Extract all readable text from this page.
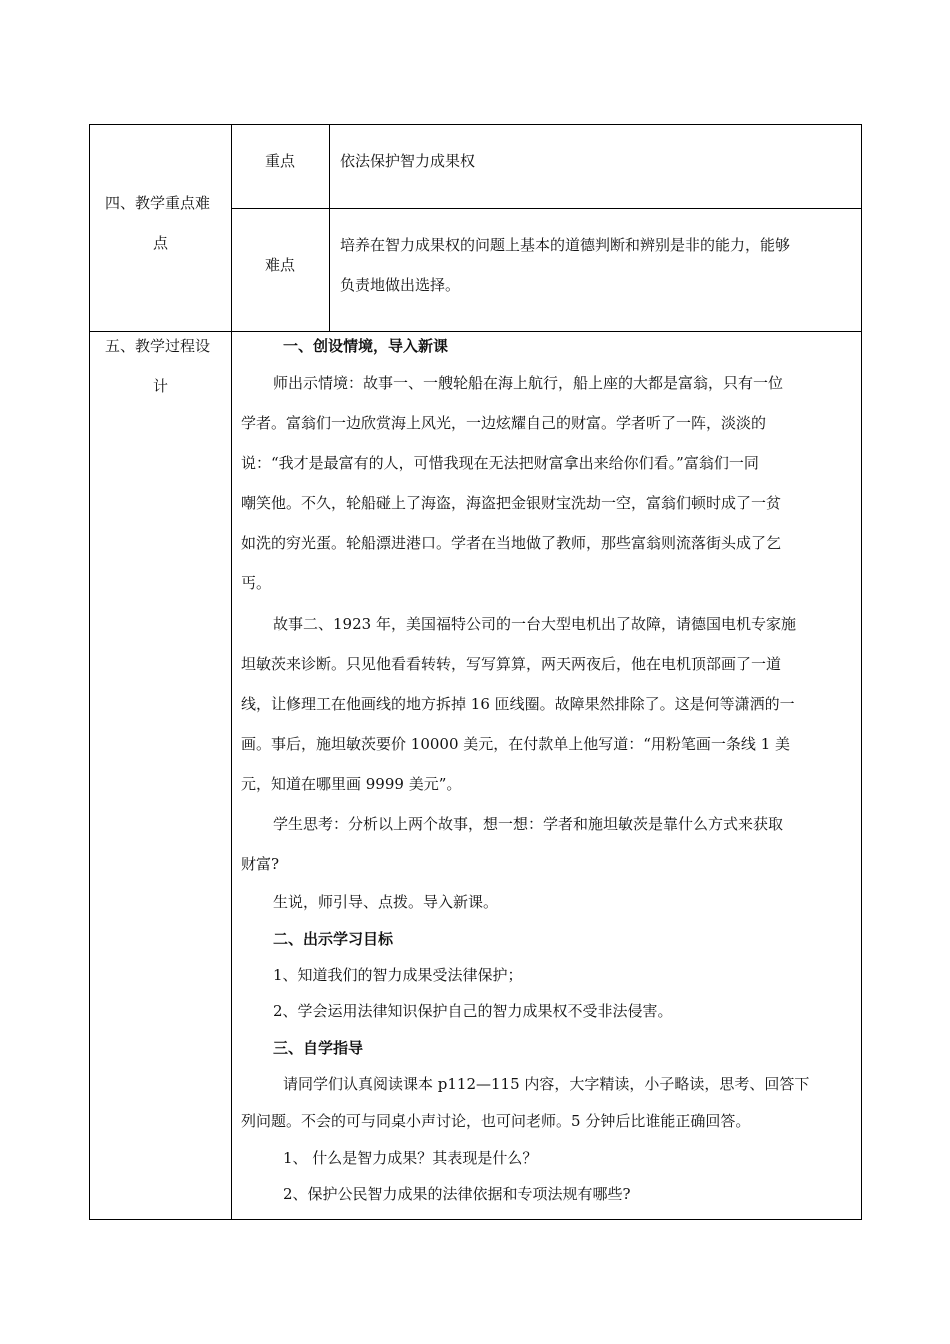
四、教学重点难
点
重点	依法保护智力成果权
难点
培养在智力成果权的问题上基本的道德判断和辨别是非的能力，能够
负责地做出选择。
五、教学过程设
计
一、创设情境，导入新课
师出示情境：故事一、一艘轮船在海上航行，船上座的大都是富翁，只有一位
学者。富翁们一边欣赏海上风光，一边炫耀自己的财富。学者听了一阵，淡淡的
说：“我才是最富有的人，可惜我现在无法把财富拿出来给你们看。”富翁们一同
嘲笑他。不久，轮船碰上了海盗，海盗把金银财宝洗劫一空，富翁们顿时成了一贫
如洗的穷光蛋。轮船漂进港口。学者在当地做了教师，那些富翁则流落街头成了乞
丐。
故事二、1923 年，美国福特公司的一台大型电机出了故障，请德国电机专家施
坦敏茨来诊断。只见他看看转转，写写算算，两天两夜后，他在电机顶部画了一道
线，让修理工在他画线的地方拆掉 16 匝线圈。故障果然排除了。这是何等潇洒的一
画。事后，施坦敏茨要价 10000 美元，在付款单上他写道：“用粉笔画一条线 1 美
元，知道在哪里画 9999 美元”。
学生思考：分析以上两个故事，想一想：学者和施坦敏茨是靠什么方式来获取
财富?
生说，师引导、点拨。导入新课。
二、出示学习目标
1、知道我们的智力成果受法律保护；
2、学会运用法律知识保护自己的智力成果权不受非法侵害。
三、自学指导
请同学们认真阅读课本 p112—115 内容，大字精读，小子略读，思考、回答下
列问题。不会的可与同桌小声讨论，也可问老师。5 分钟后比谁能正确回答。
1、 什么是智力成果？其表现是什么？
2、保护公民智力成果的法律依据和专项法规有哪些?
